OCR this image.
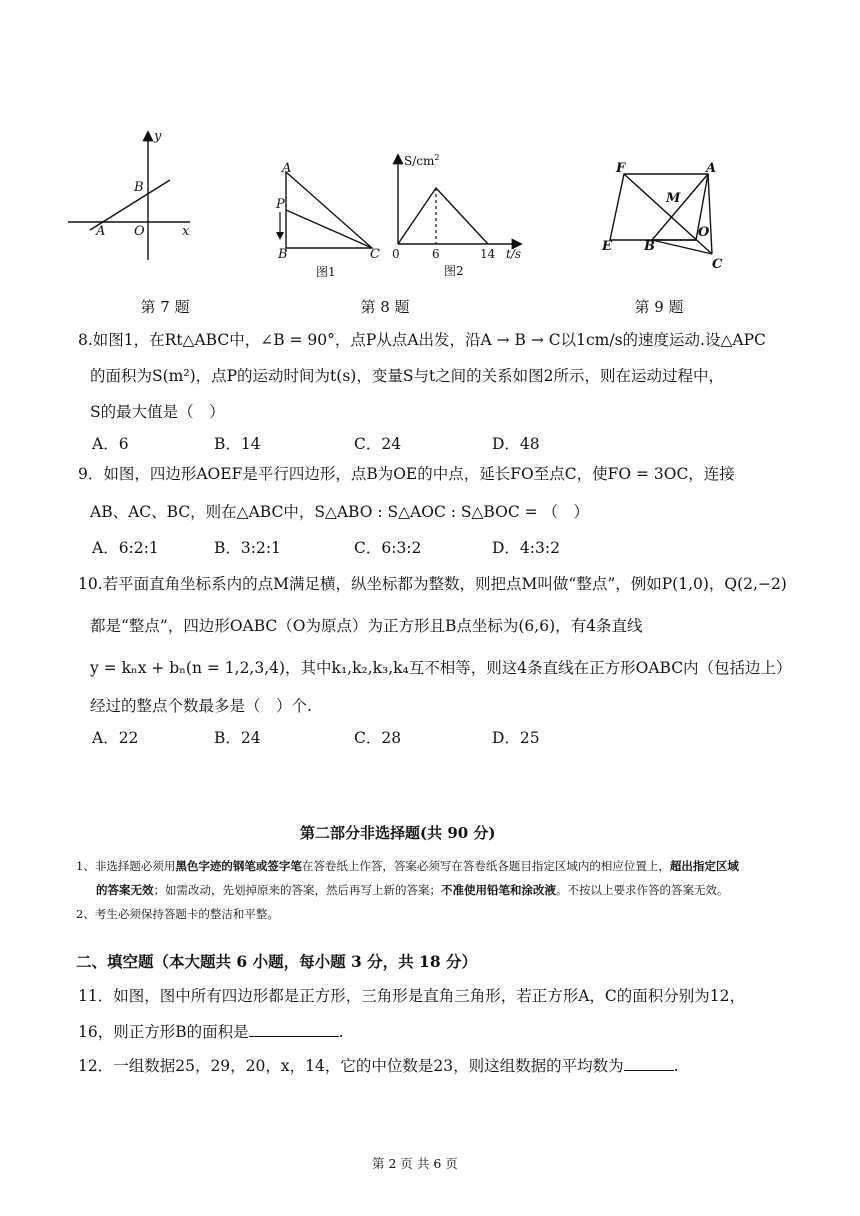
y
x
A
B
O
A
P
B	C
图1
$S/cm^2$
0	6	14 t/s
图2
F	A
M
E B
O
C
第 7 题	第 8 题	第 9 题
8.如图1，在Rt△ABC中，∠B = 90°，点P从点A出发，沿A → B → C以1cm/s的速度运动.设△APC
的面积为S(m²)，点P的运动时间为t(s)，变量S与t之间的关系如图2所示，则在运动过程中，
S的最大值是（　）
A．6	B．14	C．24	D．48
9．如图，四边形AOEF是平行四边形，点B为OE的中点，延长FO至点C，使FO = 3OC，连接
AB、AC、BC，则在△ABC中，S△ABO : S△AOC : S△BOC = （　）
A．6:2:1	B．3:2:1	C．6:3:2	D．4:3:2
10.若平面直角坐标系内的点M满足横，纵坐标都为整数，则把点M叫做“整点”，例如P(1,0)，Q(2,−2)
都是“整点”，四边形OABC（O为原点）为正方形且B点坐标为(6,6)，有4条直线
y = kₙx + bₙ(n = 1,2,3,4)，其中k₁,k₂,k₃,k₄互不相等，则这4条直线在正方形OABC内（包括边上）
经过的整点个数最多是（　）个.
A．22	B．24	C．28	D．25
第二部分非选择题(共 90 分)
1、非选择题必须用黑色字迹的钢笔或签字笔在答卷纸上作答，答案必须写在答卷纸各题目指定区域内的相应位置上，超出指定区域
的答案无效；如需改动，先划掉原来的答案，然后再写上新的答案；不准使用铅笔和涂改液。不按以上要求作答的答案无效。
2、考生必须保持答题卡的整洁和平整。
二、填空题（本大题共 6 小题，每小题 3 分，共 18 分）
11．如图，图中所有四边形都是正方形，三角形是直角三角形，若正方形A，C的面积分别为12，
16，则正方形B的面积是	.
12．一组数据25，29，20，x，14，它的中位数是23，则这组数据的平均数为	.
第 2 页 共 6 页
